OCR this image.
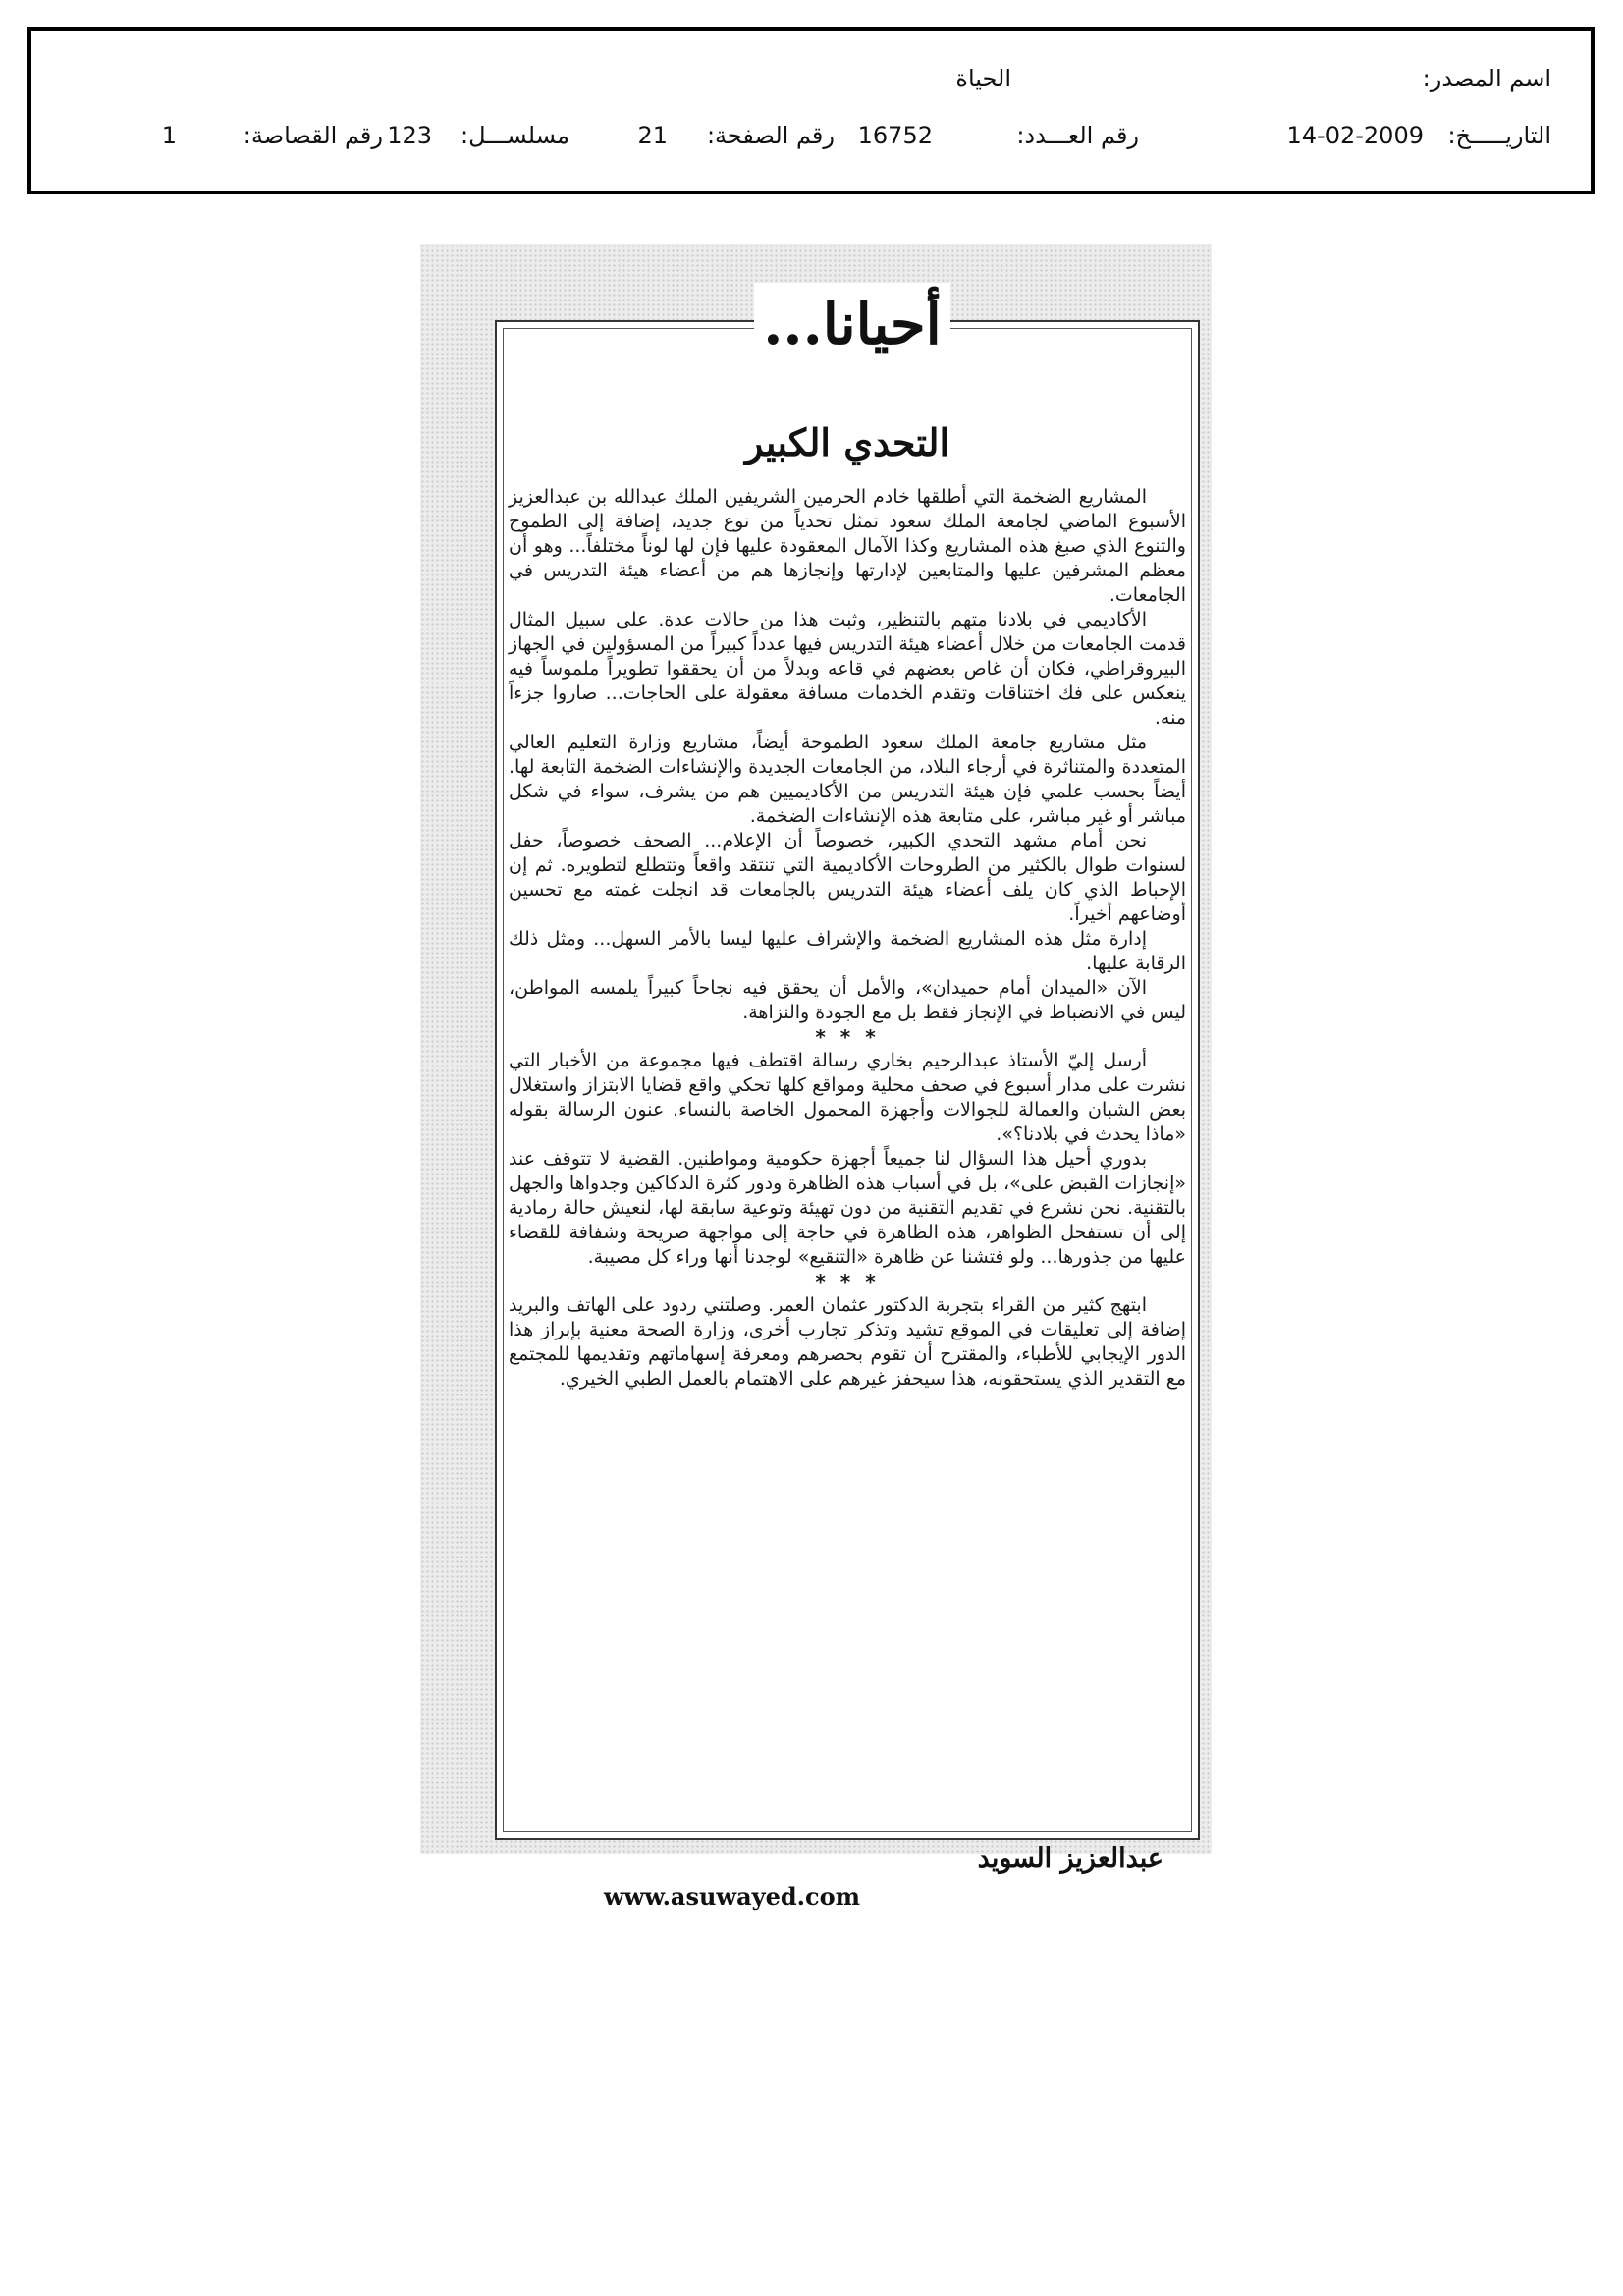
اسم المصدر:
الحياة
التاريـــــخ:
14-02-2009
رقم العـــدد:
16752
رقم الصفحة:
21
مسلســـل:
123
رقم القصاصة:
1
عبدالعزيز السويد
www.asuwayed.com
أحيانا...
التحدي الكبير

المشاريع الضخمة التي أطلقها خادم الحرمين الشريفين الملك عبدالله بن عبدالعزيز الأسبوع الماضي لجامعة الملك سعود تمثل تحدياً من نوع جديد، إضافة إلى الطموح والتنوع الذي صبغ هذه المشاريع وكذا الآمال المعقودة عليها فإن لها لوناً مختلفاً... وهو أن معظم المشرفين عليها والمتابعين لإدارتها وإنجازها هم من أعضاء هيئة التدريس في الجامعات.

الأكاديمي في بلادنا متهم بالتنظير، وثبت هذا من حالات عدة. على سبيل المثال قدمت الجامعات من خلال أعضاء هيئة التدريس فيها عدداً كبيراً من المسؤولين في الجهاز البيروقراطي، فكان أن غاص بعضهم في قاعه وبدلاً من أن يحققوا تطويراً ملموساً فيه ينعكس على فك اختناقات وتقدم الخدمات مسافة معقولة على الحاجات... صاروا جزءاً منه.

مثل مشاريع جامعة الملك سعود الطموحة أيضاً، مشاريع وزارة التعليم العالي المتعددة والمتناثرة في أرجاء البلاد، من الجامعات الجديدة والإنشاءات الضخمة التابعة لها. أيضاً بحسب علمي فإن هيئة التدريس من الأكاديميين هم من يشرف، سواء في شكل مباشر أو غير مباشر، على متابعة هذه الإنشاءات الضخمة.

نحن أمام مشهد التحدي الكبير، خصوصاً أن الإعلام... الصحف خصوصاً، حفل لسنوات طوال بالكثير من الطروحات الأكاديمية التي تنتقد واقعاً وتتطلع لتطويره. ثم إن الإحباط الذي كان يلف أعضاء هيئة التدريس بالجامعات قد انجلت غمته مع تحسين أوضاعهم أخيراً.

إدارة مثل هذه المشاريع الضخمة والإشراف عليها ليسا بالأمر السهل... ومثل ذلك الرقابة عليها.

الآن «الميدان أمام حميدان»، والأمل أن يحقق فيه نجاحاً كبيراً يلمسه المواطن، ليس في الانضباط في الإنجاز فقط بل مع الجودة والنزاهة.

* * *

أرسل إليّ الأستاذ عبدالرحيم بخاري رسالة اقتطف فيها مجموعة من الأخبار التي نشرت على مدار أسبوع في صحف محلية ومواقع كلها تحكي واقع قضايا الابتزاز واستغلال بعض الشبان والعمالة للجوالات وأجهزة المحمول الخاصة بالنساء. عنون الرسالة بقوله «ماذا يحدث في بلادنا؟».

بدوري أحيل هذا السؤال لنا جميعاً أجهزة حكومية ومواطنين. القضية لا تتوقف عند «إنجازات القبض على»، بل في أسباب هذه الظاهرة ودور كثرة الدكاكين وجدواها والجهل بالتقنية. نحن نشرع في تقديم التقنية من دون تهيئة وتوعية سابقة لها، لنعيش حالة رمادية إلى أن تستفحل الظواهر، هذه الظاهرة في حاجة إلى مواجهة صريحة وشفافة للقضاء عليها من جذورها... ولو فتشنا عن ظاهرة «التنقيع» لوجدنا أنها وراء كل مصيبة.

* * *

ابتهج كثير من القراء بتجربة الدكتور عثمان العمر. وصلتني ردود على الهاتف والبريد إضافة إلى تعليقات في الموقع تشيد وتذكر تجارب أخرى، وزارة الصحة معنية بإبراز هذا الدور الإيجابي للأطباء، والمقترح أن تقوم بحصرهم ومعرفة إسهاماتهم وتقديمها للمجتمع مع التقدير الذي يستحقونه، هذا سيحفز غيرهم على الاهتمام بالعمل الطبي الخيري.
